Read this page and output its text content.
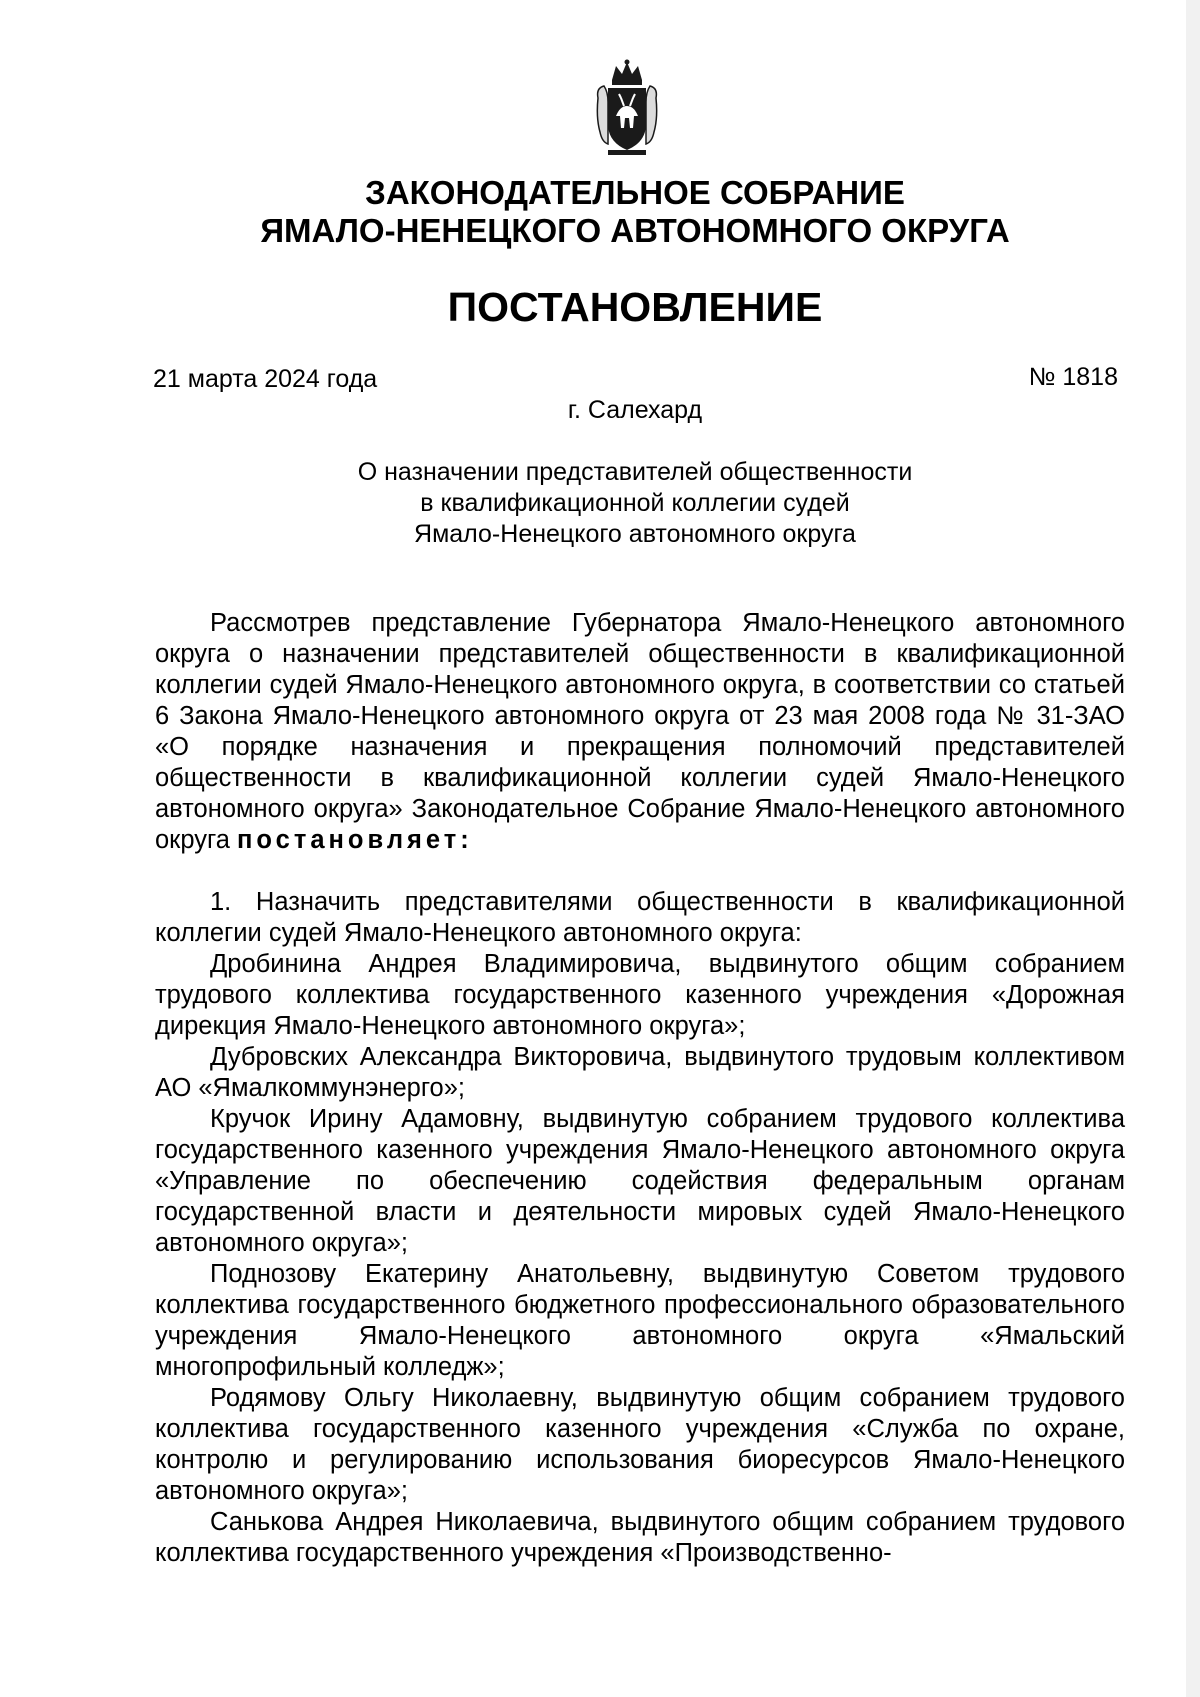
ЗАКОНОДАТЕЛЬНОЕ СОБРАНИЕ
ЯМАЛО-НЕНЕЦКОГО АВТОНОМНОГО ОКРУГА
ПОСТАНОВЛЕНИЕ
21 марта 2024 года	№ 1818
г. Салехард
О назначении представителей общественности
в квалификационной коллегии судей
Ямало-Ненецкого автономного округа

Рассмотрев представление Губернатора Ямало-Ненецкого автономного округа о назначении представителей общественности в квалификационной коллегии судей Ямало-Ненецкого автономного округа, в соответствии со статьей 6 Закона Ямало-Ненецкого автономного округа от 23 мая 2008 года № 31-ЗАО «О порядке назначения и прекращения полномочий представителей общественности в квалификационной коллегии судей Ямало-Ненецкого автономного округа» Законодательное Собрание Ямало-Ненецкого автономного округа постановляет:

1. Назначить представителями общественности в квалификационной коллегии судей Ямало-Ненецкого автономного округа:

Дробинина Андрея Владимировича, выдвинутого общим собранием трудового коллектива государственного казенного учреждения «Дорожная дирекция Ямало-Ненецкого автономного округа»;

Дубровских Александра Викторовича, выдвинутого трудовым коллективом АО «Ямалкоммунэнерго»;

Кручок Ирину Адамовну, выдвинутую собранием трудового коллектива государственного казенного учреждения Ямало-Ненецкого автономного округа «Управление по обеспечению содействия федеральным органам государственной власти и деятельности мировых судей Ямало-Ненецкого автономного округа»;

Поднозову Екатерину Анатольевну, выдвинутую Советом трудового коллектива государственного бюджетного профессионального образовательного учреждения Ямало-Ненецкого автономного округа «Ямальский многопрофильный колледж»;

Родямову Ольгу Николаевну, выдвинутую общим собранием трудового коллектива государственного казенного учреждения «Служба по охране, контролю и регулированию использования биоресурсов Ямало-Ненецкого автономного округа»;

Санькова Андрея Николаевича, выдвинутого общим собранием трудового коллектива государственного учреждения «Производственно-
